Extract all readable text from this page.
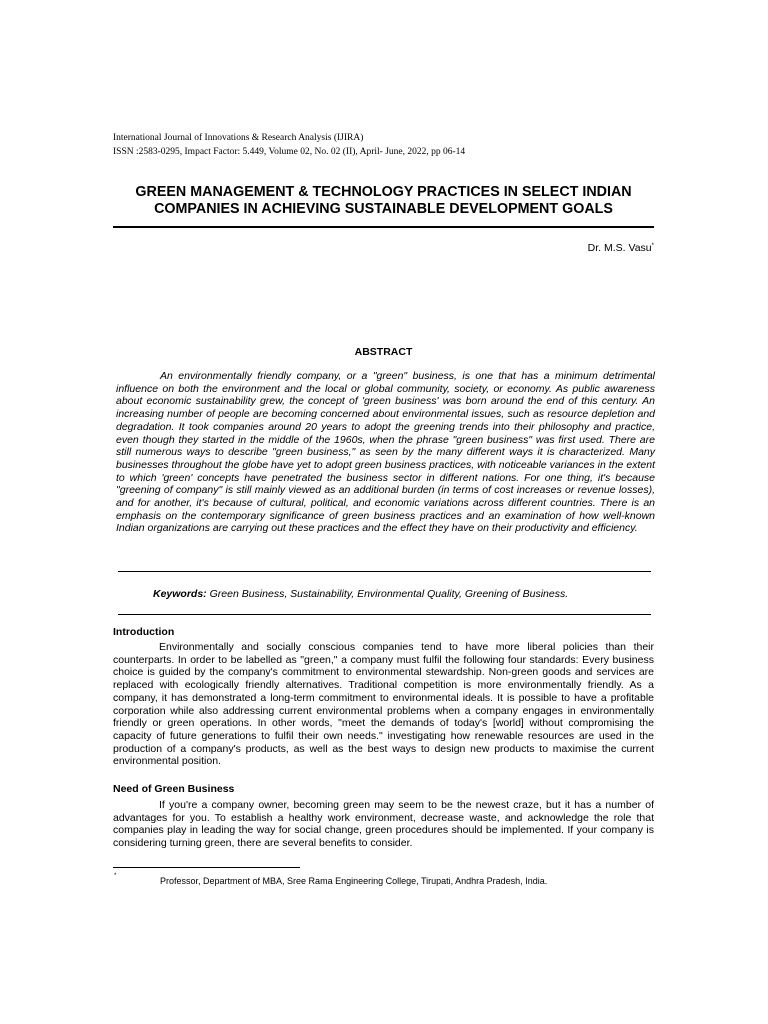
International Journal of Innovations & Research Analysis (IJIRA)
ISSN :2583-0295, Impact Factor: 5.449, Volume 02, No. 02 (II), April- June, 2022, pp 06-14
GREEN MANAGEMENT & TECHNOLOGY PRACTICES IN SELECT INDIAN
COMPANIES IN ACHIEVING SUSTAINABLE DEVELOPMENT GOALS
Dr. M.S. Vasu*
ABSTRACT
An environmentally friendly company, or a "green" business, is one that has a minimum detrimental influence on both the environment and the local or global community, society, or economy. As public awareness about economic sustainability grew, the concept of 'green business' was born around the end of this century. An increasing number of people are becoming concerned about environmental issues, such as resource depletion and degradation. It took companies around 20 years to adopt the greening trends into their philosophy and practice, even though they started in the middle of the 1960s, when the phrase "green business" was first used. There are still numerous ways to describe "green business," as seen by the many different ways it is characterized. Many businesses throughout the globe have yet to adopt green business practices, with noticeable variances in the extent to which 'green' concepts have penetrated the business sector in different nations. For one thing, it's because "greening of company" is still mainly viewed as an additional burden (in terms of cost increases or revenue losses), and for another, it's because of cultural, political, and economic variations across different countries. There is an emphasis on the contemporary significance of green business practices and an examination of how well-known Indian organizations are carrying out these practices and the effect they have on their productivity and efficiency.
Keywords: Green Business, Sustainability, Environmental Quality, Greening of Business.
Introduction
Environmentally and socially conscious companies tend to have more liberal policies than their counterparts. In order to be labelled as "green," a company must fulfil the following four standards: Every business choice is guided by the company's commitment to environmental stewardship. Non-green goods and services are replaced with ecologically friendly alternatives. Traditional competition is more environmentally friendly. As a company, it has demonstrated a long-term commitment to environmental ideals. It is possible to have a profitable corporation while also addressing current environmental problems when a company engages in environmentally friendly or green operations. In other words, "meet the demands of today's [world] without compromising the capacity of future generations to fulfil their own needs." investigating how renewable resources are used in the production of a company's products, as well as the best ways to design new products to maximise the current environmental position.
Need of Green Business
If you're a company owner, becoming green may seem to be the newest craze, but it has a number of advantages for you. To establish a healthy work environment, decrease waste, and acknowledge the role that companies play in leading the way for social change, green procedures should be implemented. If your company is considering turning green, there are several benefits to consider.
*	Professor, Department of MBA, Sree Rama Engineering College, Tirupati, Andhra Pradesh, India.
